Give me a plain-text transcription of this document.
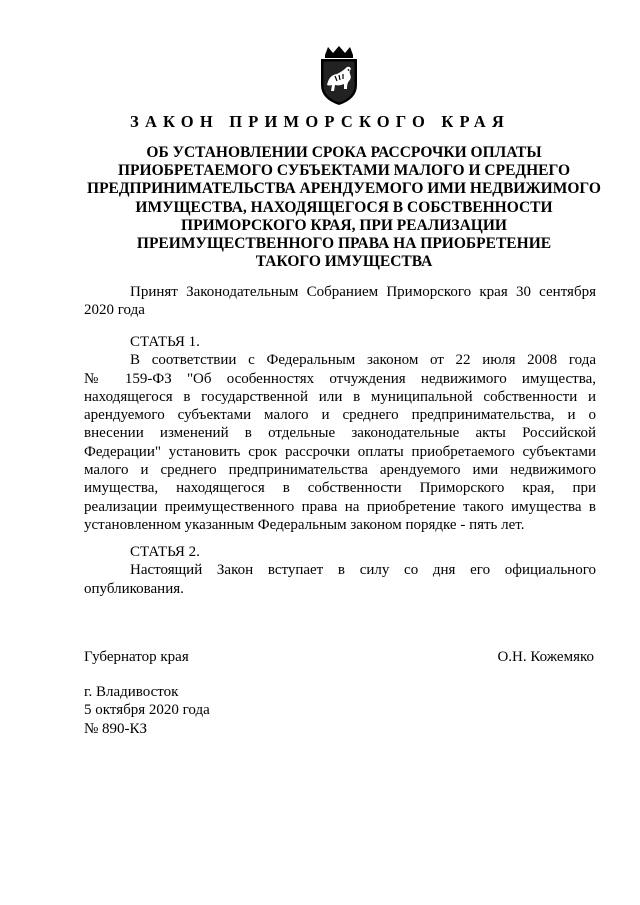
ЗАКОН ПРИМОРСКОГО КРАЯ
ОБ УСТАНОВЛЕНИИ СРОКА РАССРОЧКИ ОПЛАТЫ
ПРИОБРЕТАЕМОГО СУБЪЕКТАМИ МАЛОГО И СРЕДНЕГО
ПРЕДПРИНИМАТЕЛЬСТВА АРЕНДУЕМОГО ИМИ НЕДВИЖИМОГО
ИМУЩЕСТВА, НАХОДЯЩЕГОСЯ В СОБСТВЕННОСТИ
ПРИМОРСКОГО КРАЯ, ПРИ РЕАЛИЗАЦИИ
ПРЕИМУЩЕСТВЕННОГО ПРАВА НА ПРИОБРЕТЕНИЕ
ТАКОГО ИМУЩЕСТВА
Принят Законодательным Собранием Приморского края 30 сентября
2020 года
СТАТЬЯ 1.
В соответствии с Федеральным законом от 22 июля 2008 года
№ 159-ФЗ "Об особенностях отчуждения недвижимого имущества,
находящегося в государственной или в муниципальной собственности и
арендуемого субъектами малого и среднего предпринимательства, и о
внесении изменений в отдельные законодательные акты Российской
Федерации" установить срок рассрочки оплаты приобретаемого субъектами
малого и среднего предпринимательства арендуемого ими недвижимого
имущества, находящегося в собственности Приморского края, при
реализации преимущественного права на приобретение такого имущества в
установленном указанным Федеральным законом порядке - пять лет.
СТАТЬЯ 2.
Настоящий Закон вступает в силу со дня его официального
опубликования.
Губернатор края	О.Н. Кожемяко
г. Владивосток
5 октября 2020 года
№ 890-КЗ
